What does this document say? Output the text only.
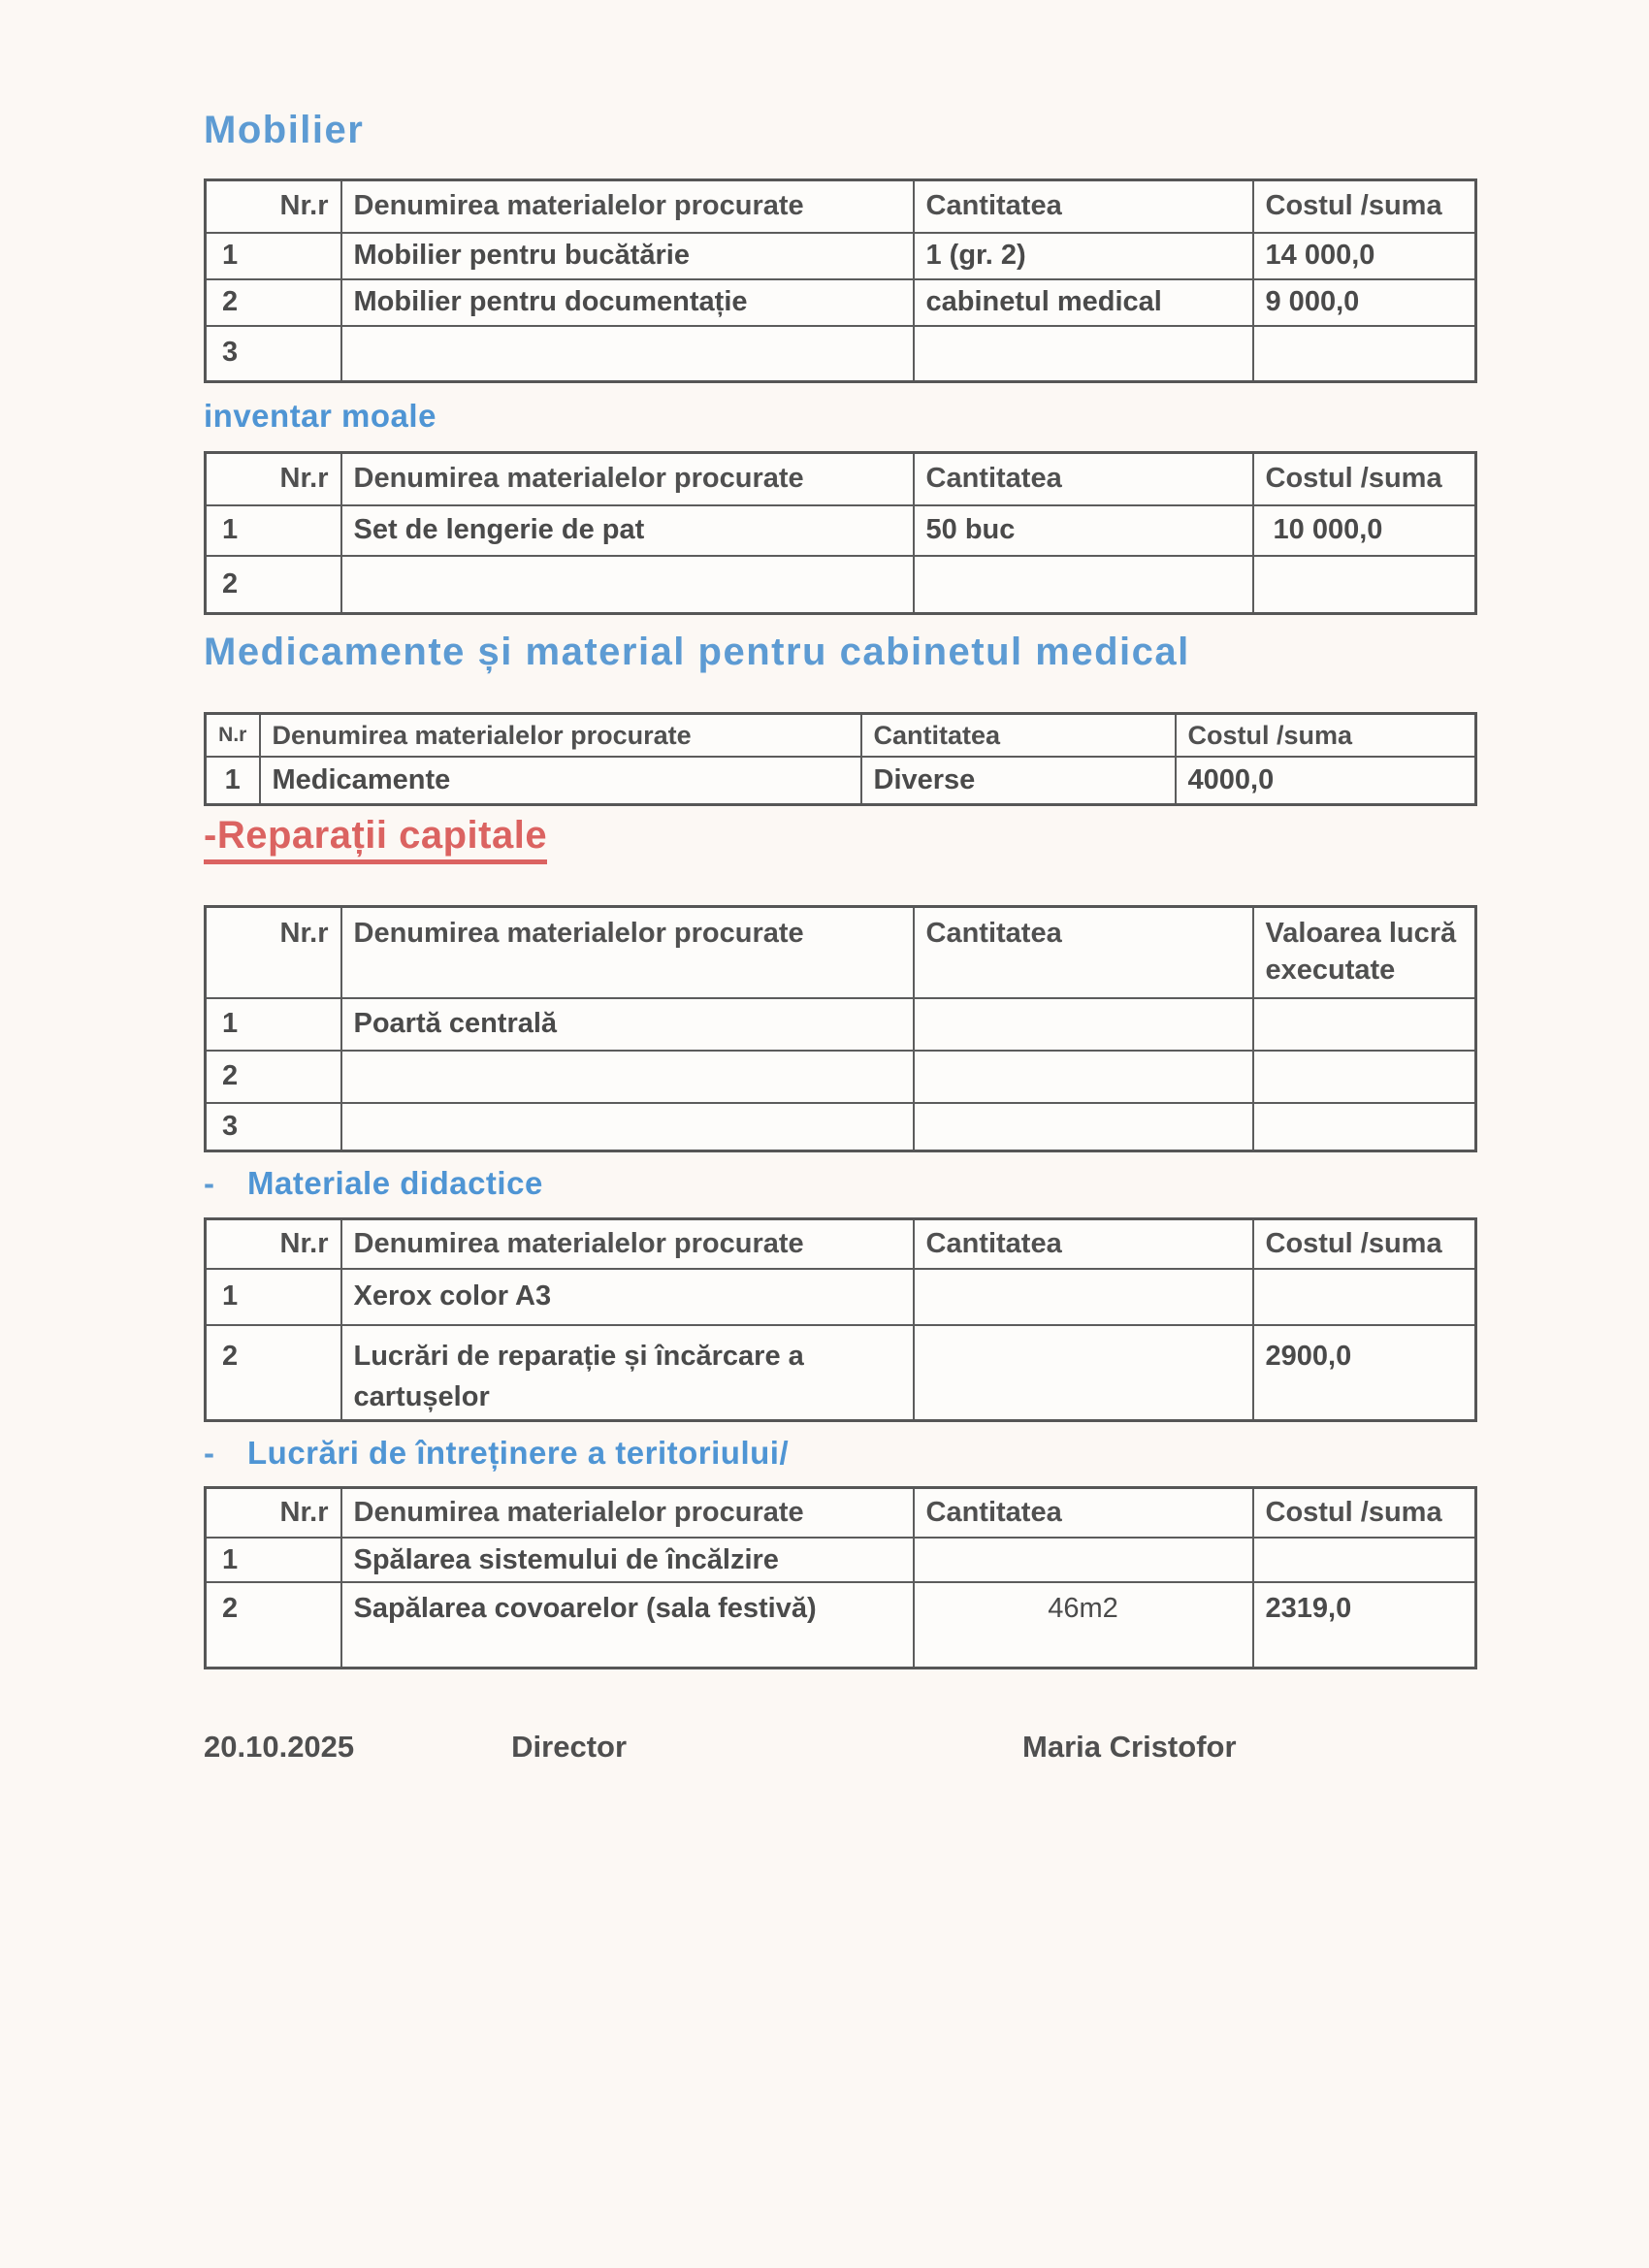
Mobilier
Nr.r	Denumirea materialelor procurate	Cantitatea	Costul /suma
1	Mobilier pentru bucătărie	1 (gr. 2)	14 000,0
2	Mobilier pentru documentație	cabinetul medical	9 000,0
3			
inventar moale
Nr.r	Denumirea materialelor procurate	Cantitatea	Costul /suma
1	Set de lengerie de pat	50 buc	10 000,0
2			
Medicamente și material pentru cabinetul medical
N.r	Denumirea materialelor procurate	Cantitatea	Costul /suma
1	Medicamente	Diverse	4000,0
-Reparații capitale
Nr.r	Denumirea materialelor procurate	Cantitatea	Valoarea lucră executate
1	Poartă centrală		
2			
3			
- Materiale didactice
Nr.r	Denumirea materialelor procurate	Cantitatea	Costul /suma
1	Xerox color A3		
2	Lucrări de reparație și încărcare a cartușelor		2900,0
- Lucrări de întreținere a teritoriului/
Nr.r	Denumirea materialelor procurate	Cantitatea	Costul /suma
1	Spălarea sistemului de încălzire		
2	Sapălarea covoarelor (sala festivă)	46m2	2319,0
20.10.2025	Director	Maria Cristofor
